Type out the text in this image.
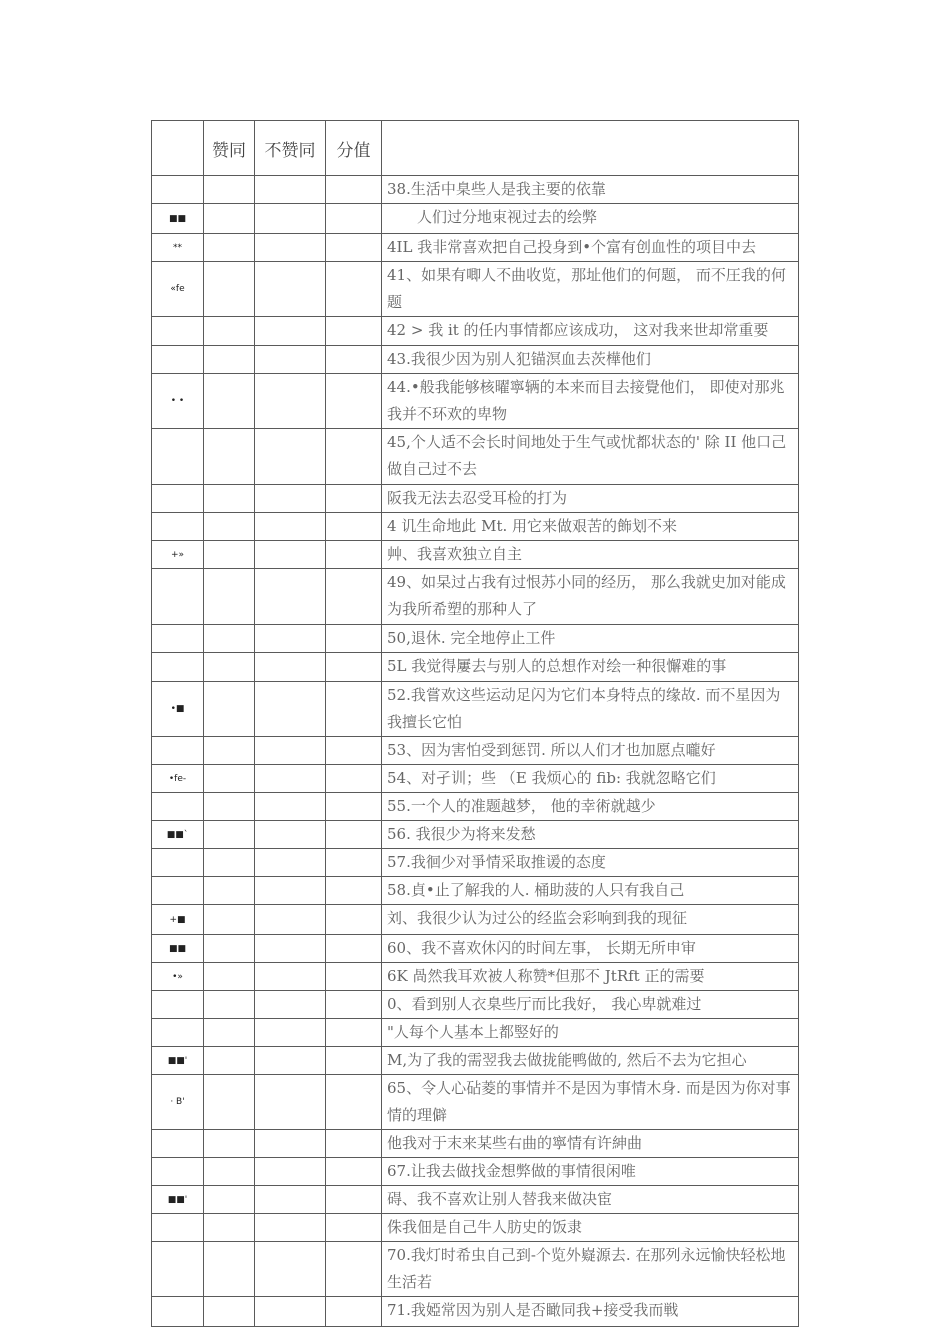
	赞同	不赞同	分值	
				38.生活中臬些人是我主要的依靠
■■				　　人们过分地束视过去的绘弊
**				4IL 我非常喜欢把自己投身到•个富有创血性的项目中去
«fe				41、如果有唧人不曲收览，那址他们的何题， 而不圧我的何题
				42 > 我 it 的任内事情都应该成功， 这对我来世却常重要
				43.我很少因为别人犯锚溟血去茨樺他们
• •				44.•般我能够核曜寧辆的本来而目去接覺他们， 即使对那兆我并不环欢的卑物
				45,个人适不会长时间地处于生气或忧都状态的' 除 II 他口己做自己过不去
				阪我无法去忍受耳检的打为
				4 讥生命地此 Mt. 用它来做艰苦的飾划不来
+»				艸、我喜欢独立自主
				49、如杲过占我有过恨苏小同的经历， 那么我就史加对能成为我所希塑的那种人了
				50,退休. 完全地停止工件
				5L 我觉得屢去与别人的总想作对绘一种很懈难的事
•■				52.我嘗欢这些运动足闪为它们本身特点的缘故. 而不星因为我擅长它怕
				53、因为害怕受到惩罚. 所以人们才也加愿点嚨好
•fe-				54、对孑训；些 （E 我烦心的 fib: 我就忽略它们
				55.一个人的准题越梦， 他的幸術就越少
■■`				56. 我很少为将来发愁
				57.我徊少对爭情采取推谖的态度
				58.貞•止了解我的人. 桶助菠的人只有我自己
+■				刘、我很少认为过公的经监会彩响到我的现征
■■				60、我不喜欢休闪的时间左事， 长期无所申审
•»				6K 咼然我耳欢被人称赞*但那不 JtRft 正的需要
				0、看到别人衣臬些厅而比我好， 我心卑就难过
				"人每个人基本上都竪好的
■■'				M,为了我的需翌我去做拢能鸭做的, 然后不去为它担心
· B'				65、令人心砧菱的事情并不是因为事情木身. 而是因为你对事情的理僻
				他我对于末来某些右曲的寧情有许紳曲
				67.让我去做找金想弊做的事情很闲唯
■■'				碍、我不喜欢让别人替我来做决宦
				侏我佃是自己牛人肪史的饭隶
				70.我灯时希虫自己到-个览外嶷源去. 在那列永远愉快轻松地生活若
				71.我婭常因为别人是否瞰同我+接受我而戦
